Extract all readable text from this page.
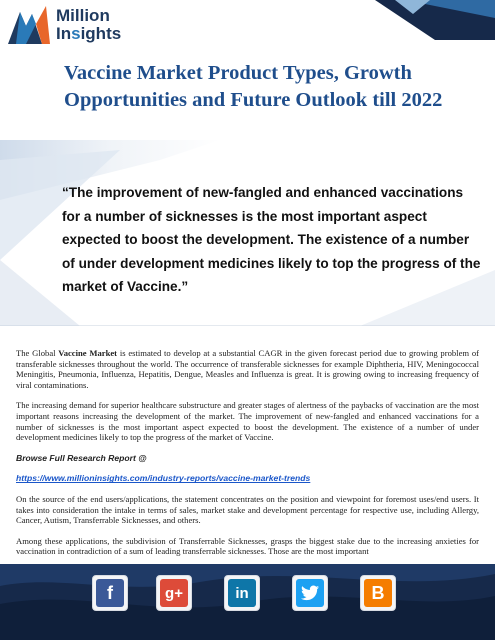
Million
Insights
Vaccine Market Product Types, Growth Opportunities and Future Outlook till 2022
“The improvement of new-fangled and enhanced vaccinations for a number of sicknesses is the most important aspect expected to boost the development. The existence of a number of under development medicines likely to top the progress of the market of Vaccine.”

The Global Vaccine Market is estimated to develop at a substantial CAGR in the given forecast period due to growing problem of transferable sicknesses throughout the world. The occurrence of transferable sicknesses for example Diphtheria, HIV, Meningococcal Meningitis, Pneumonia, Influenza, Hepatitis, Dengue, Measles and Influenza is great. It is growing owing to increasing frequency of viral contaminations.

The increasing demand for superior healthcare substructure and greater stages of alertness of the paybacks of vaccination are the most important reasons increasing the development of the market. The improvement of new-fangled and enhanced vaccinations for a number of sicknesses is the most important aspect expected to boost the development. The existence of a number of under development medicines likely to top the progress of the market of Vaccine.

Browse Full Research Report @
https://www.millioninsights.com/industry-reports/vaccine-market-trends

On the source of the end users/applications, the statement concentrates on the position and viewpoint for foremost uses/end users. It takes into consideration the intake in terms of sales, market stake and development percentage for respective use, including Allergy, Cancer, Autism, Transferrable Sicknesses, and others.

Among these applications, the subdivision of Transferrable Sicknesses, grasps the biggest stake due to the increasing anxieties for vaccination in contradiction of a sum of leading transferrable sicknesses. Those are the most important

f	g+	in	B
